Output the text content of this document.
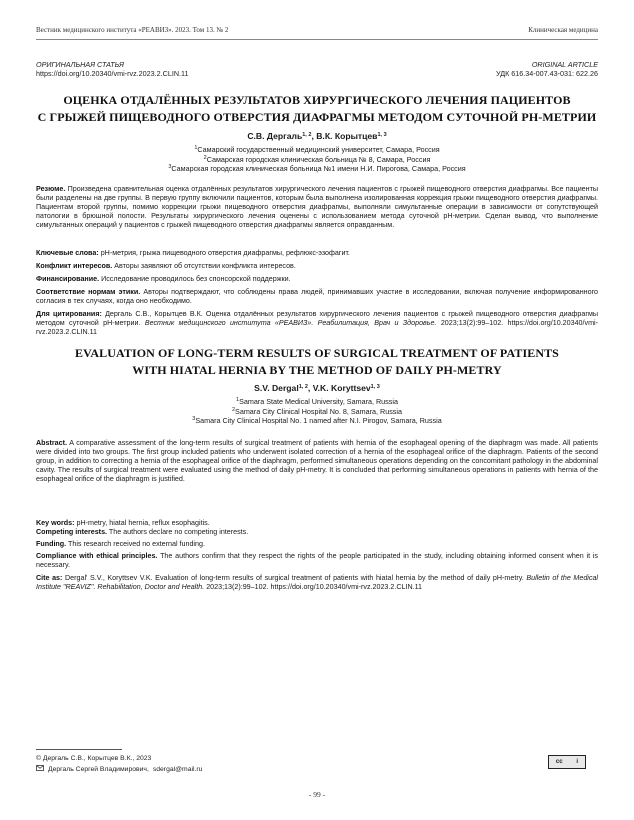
Вестник медицинского института «РЕАВИЗ». 2023. Том 13. № 2	Клиническая медицина
ОРИГИНАЛЬНАЯ СТАТЬЯ	ORIGINAL ARTICLE
https://doi.org/10.20340/vmi-rvz.2023.2.CLIN.11	УДК 616.34-007.43-031: 622.26
ОЦЕНКА ОТДАЛЁННЫХ РЕЗУЛЬТАТОВ ХИРУРГИЧЕСКОГО ЛЕЧЕНИЯ ПАЦИЕНТОВ
С ГРЫЖЕЙ ПИЩЕВОДНОГО ОТВЕРСТИЯ ДИАФРАГМЫ МЕТОДОМ СУТОЧНОЙ PH-МЕТРИИ
С.В. Дергаль$^{1, 2}$, В.К. Корытцев$^{1, 3}$
$^1$Самарский государственный медицинский университет, Самара, Россия
$^2$Самарская городская клиническая больница № 8, Самара, Россия
$^3$Самарская городская клиническая больница №1 имени Н.И. Пирогова, Самара, Россия
Резюме. Произведена сравнительная оценка отдалённых результатов хирургического лечения пациентов с грыжей пищеводного отверстия диафрагмы. Все пациенты были разделены на две группы. В первую группу включили пациентов, которым была выполнена изолированная коррекция грыжи пищеводного отверстия диафрагмы. Пациентам второй группы, помимо коррекции грыжи пищеводного отверстия диафрагмы, выполняли симультанные операции в зависимости от сопутствующей патологии в брюшной полости. Результаты хирургического лечения оценены с использованием метода суточной pH-метрии. Сделан вывод, что выполнение симультанных операций у пациентов с грыжей пищеводного отверстия диафрагмы является оправданным.
Ключевые слова: pH-метрия, грыжа пищеводного отверстия диафрагмы, рефлюкс-эзофагит.
Конфликт интересов. Авторы заявляют об отсутствии конфликта интересов.
Финансирование. Исследование проводилось без спонсорской поддержки.
Соответствие нормам этики. Авторы подтверждают, что соблюдены права людей, принимавших участие в исследовании, включая получение информированного согласия в тех случаях, когда оно необходимо.
Для цитирования: Дергаль С.В., Корытцев В.К. Оценка отдалённых результатов хирургического лечения пациентов с грыжей пищеводного отверстия диафрагмы методом суточной pH-метрии. Вестник медицинского института «РЕАВИЗ». Реабилитация, Врач и Здоровье. 2023;13(2):99–102. https://doi.org/10.20340/vmi-rvz.2023.2.CLIN.11
EVALUATION OF LONG-TERM RESULTS OF SURGICAL TREATMENT OF PATIENTS
WITH HIATAL HERNIA BY THE METHOD OF DAILY PH-METRY
S.V. Dergal$^{1, 2}$, V.K. Koryttsev$^{1, 3}$
$^1$Samara State Medical University, Samara, Russia
$^2$Samara City Clinical Hospital No. 8, Samara, Russia
$^3$Samara City Clinical Hospital No. 1 named after N.I. Pirogov, Samara, Russia
Abstract. A comparative assessment of the long-term results of surgical treatment of patients with hernia of the esophageal opening of the diaphragm was made. All patients were divided into two groups. The first group included patients who underwent isolated correction of a hernia of the esophageal orifice of the diaphragm. Patients of the second group, in addition to correcting a hernia of the esophageal orifice of the diaphragm, performed simultaneous operations depending on the concomitant pathology in the abdominal cavity. The results of surgical treatment were evaluated using the method of daily pH-metry. It is concluded that performing simultaneous operations in patients with hernia of the esophageal orifice of the diaphragm is justified.
Key words: pH-metry, hiatal hernia, reflux esophagitis.
Competing interests. The authors declare no competing interests.
Funding. This research received no external funding.
Compliance with ethical principles. The authors confirm that they respect the rights of the people participated in the study, including obtaining informed consent when it is necessary.
Cite as: Dergal' S.V., Koryttsev V.K. Evaluation of long-term results of surgical treatment of patients with hiatal hernia by the method of daily pH-metry. Bulletin of the Medical Institute "REAVIZ". Rehabilitation, Doctor and Health. 2023;13(2):99–102. https://doi.org/10.20340/vmi-rvz.2023.2.CLIN.11
© Дергаль С.В., Корытцев В.К., 2023
Дергаль Сергей Владимирович, sdergal@mail.ru
cc i
- 99 -
